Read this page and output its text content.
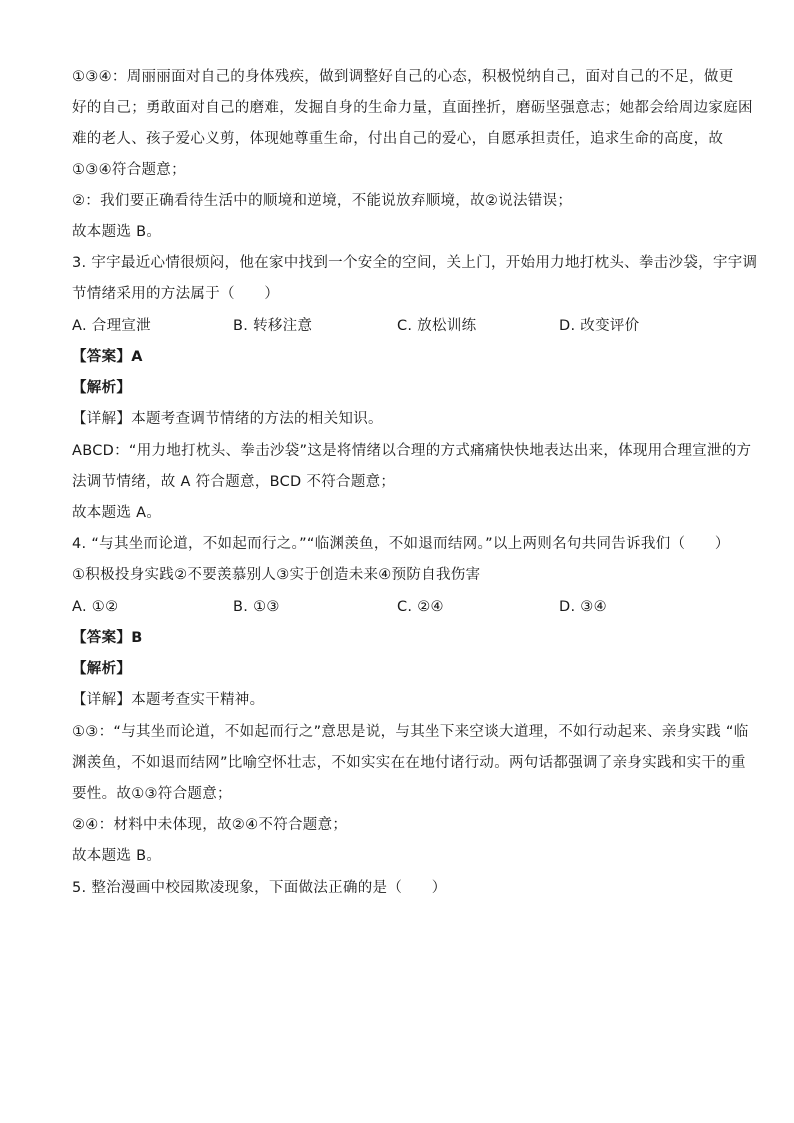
①③④：周丽丽面对自己的身体残疾，做到调整好自己的心态，积极悦纳自己，面对自己的不足，做更
好的自己；勇敢面对自己的磨难，发掘自身的生命力量，直面挫折，磨砺坚强意志；她都会给周边家庭困
难的老人、孩子爱心义剪，体现她尊重生命，付出自己的爱心，自愿承担责任，追求生命的高度，故
①③④符合题意；
②：我们要正确看待生活中的顺境和逆境，不能说放弃顺境，故②说法错误；
故本题选 B。
3. 宇宇最近心情很烦闷，他在家中找到一个安全的空间，关上门，开始用力地打枕头、拳击沙袋，宇宇调
节情绪采用的方法属于（　　）
A. 合理宣泄	B. 转移注意	C. 放松训练	D. 改变评价
【答案】A
【解析】
【详解】本题考查调节情绪的方法的相关知识。
ABCD：“用力地打枕头、拳击沙袋”这是将情绪以合理的方式痛痛快快地表达出来，体现用合理宣泄的方
法调节情绪，故 A 符合题意，BCD 不符合题意；
故本题选 A。
4. “与其坐而论道，不如起而行之。”“临渊羡鱼，不如退而结网。”以上两则名句共同告诉我们（　　）
①积极投身实践②不要羡慕别人③实于创造未来④预防自我伤害
A. ①②	B. ①③	C. ②④	D. ③④
【答案】B
【解析】
【详解】本题考查实干精神。
①③：“与其坐而论道，不如起而行之”意思是说，与其坐下来空谈大道理，不如行动起来、亲身实践 “临
渊羡鱼，不如退而结网”比喻空怀壮志，不如实实在在地付诸行动。两句话都强调了亲身实践和实干的重
要性。故①③符合题意；
②④：材料中未体现，故②④不符合题意；
故本题选 B。
5. 整治漫画中校园欺凌现象，下面做法正确的是（　　）
